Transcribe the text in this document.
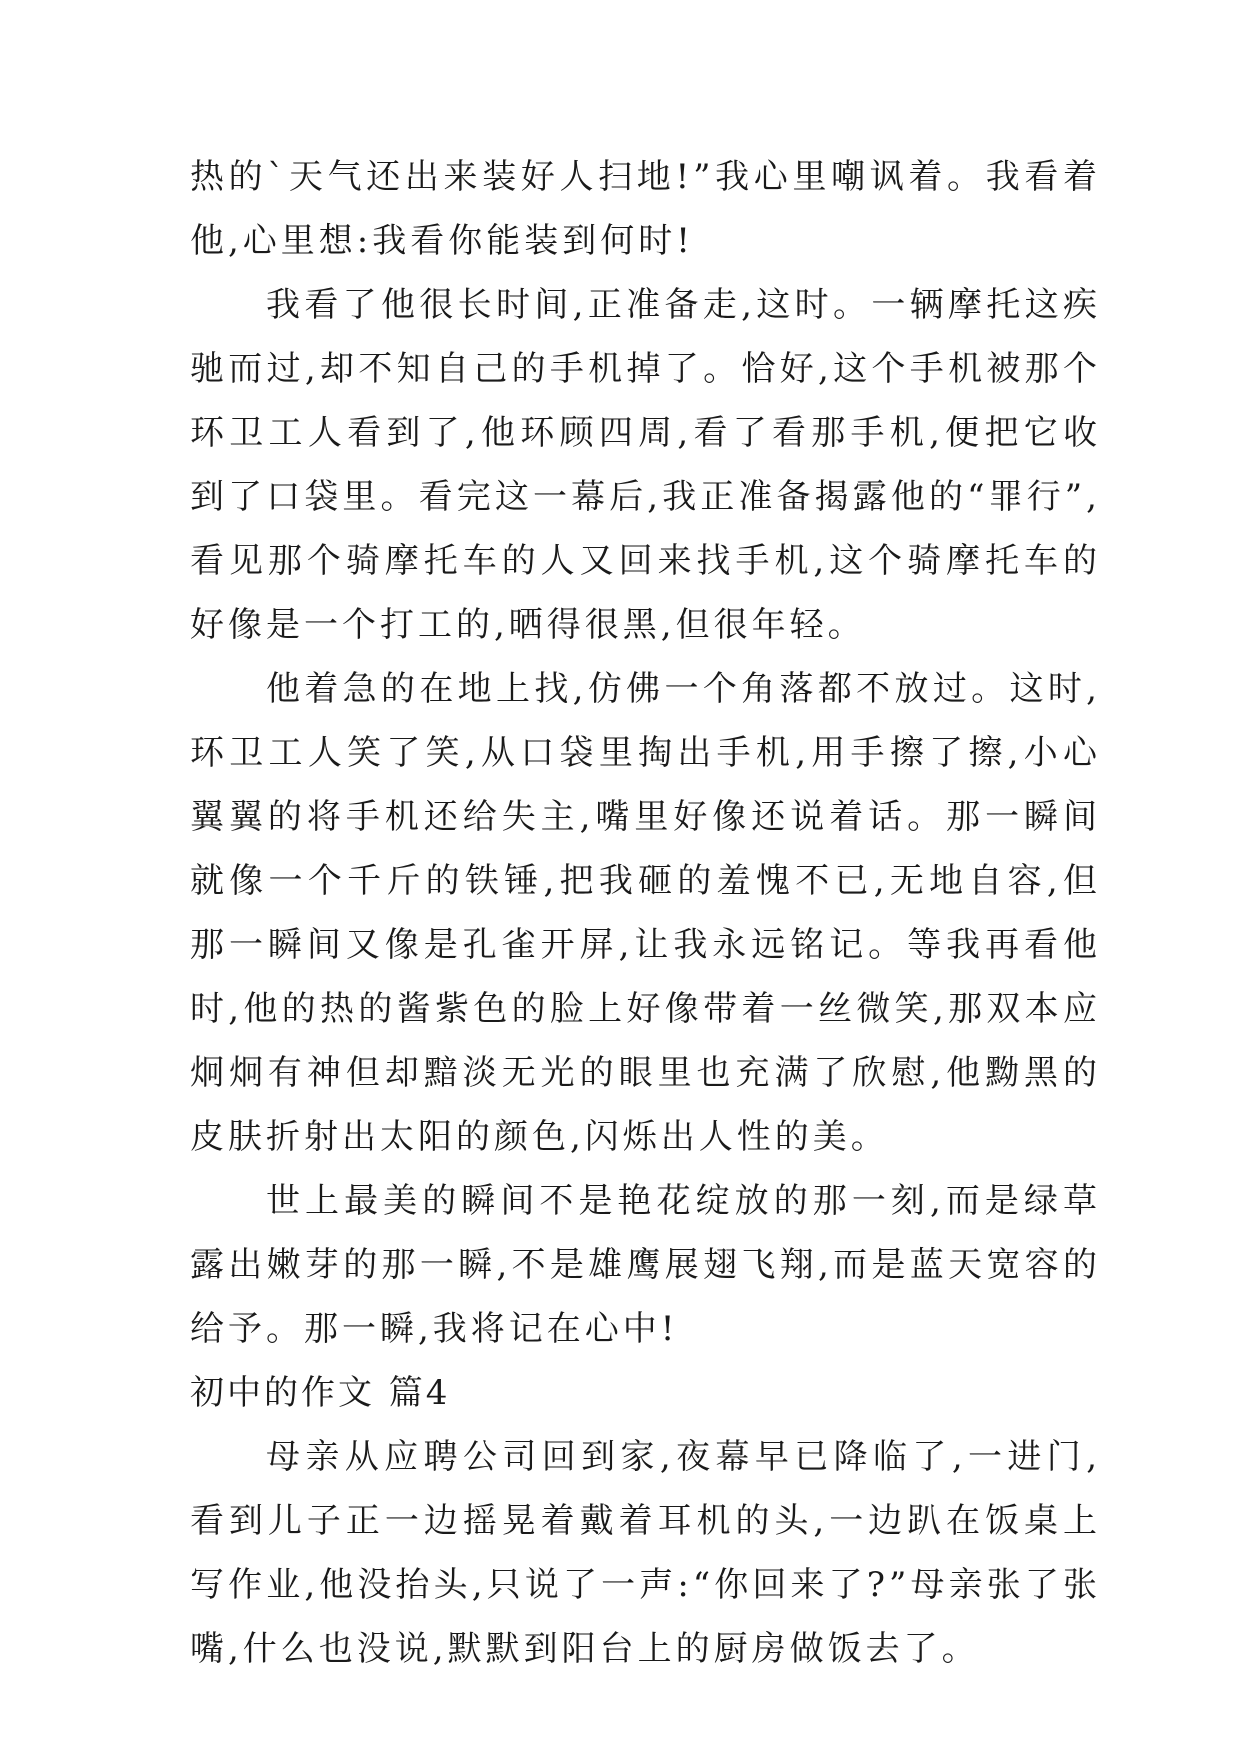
热的`天气还出来装好人扫地!”我心里嘲讽着。我看着他,心里想:我看你能装到何时!

我看了他很长时间,正准备走,这时。一辆摩托这疾驰而过,却不知自己的手机掉了。恰好,这个手机被那个环卫工人看到了,他环顾四周,看了看那手机,便把它收到了口袋里。看完这一幕后,我正准备揭露他的“罪行”,看见那个骑摩托车的人又回来找手机,这个骑摩托车的好像是一个打工的,晒得很黑,但很年轻。

他着急的在地上找,仿佛一个角落都不放过。这时,环卫工人笑了笑,从口袋里掏出手机,用手擦了擦,小心翼翼的将手机还给失主,嘴里好像还说着话。那一瞬间就像一个千斤的铁锤,把我砸的羞愧不已,无地自容,但那一瞬间又像是孔雀开屏,让我永远铭记。等我再看他时,他的热的酱紫色的脸上好像带着一丝微笑,那双本应炯炯有神但却黯淡无光的眼里也充满了欣慰,他黝黑的皮肤折射出太阳的颜色,闪烁出人性的美。

世上最美的瞬间不是艳花绽放的那一刻,而是绿草露出嫩芽的那一瞬,不是雄鹰展翅飞翔,而是蓝天宽容的给予。那一瞬,我将记在心中!

初中的作文 篇4

母亲从应聘公司回到家,夜幕早已降临了,一进门,看到儿子正一边摇晃着戴着耳机的头,一边趴在饭桌上写作业,他没抬头,只说了一声:“你回来了?”母亲张了张嘴,什么也没说,默默到阳台上的厨房做饭去了。
